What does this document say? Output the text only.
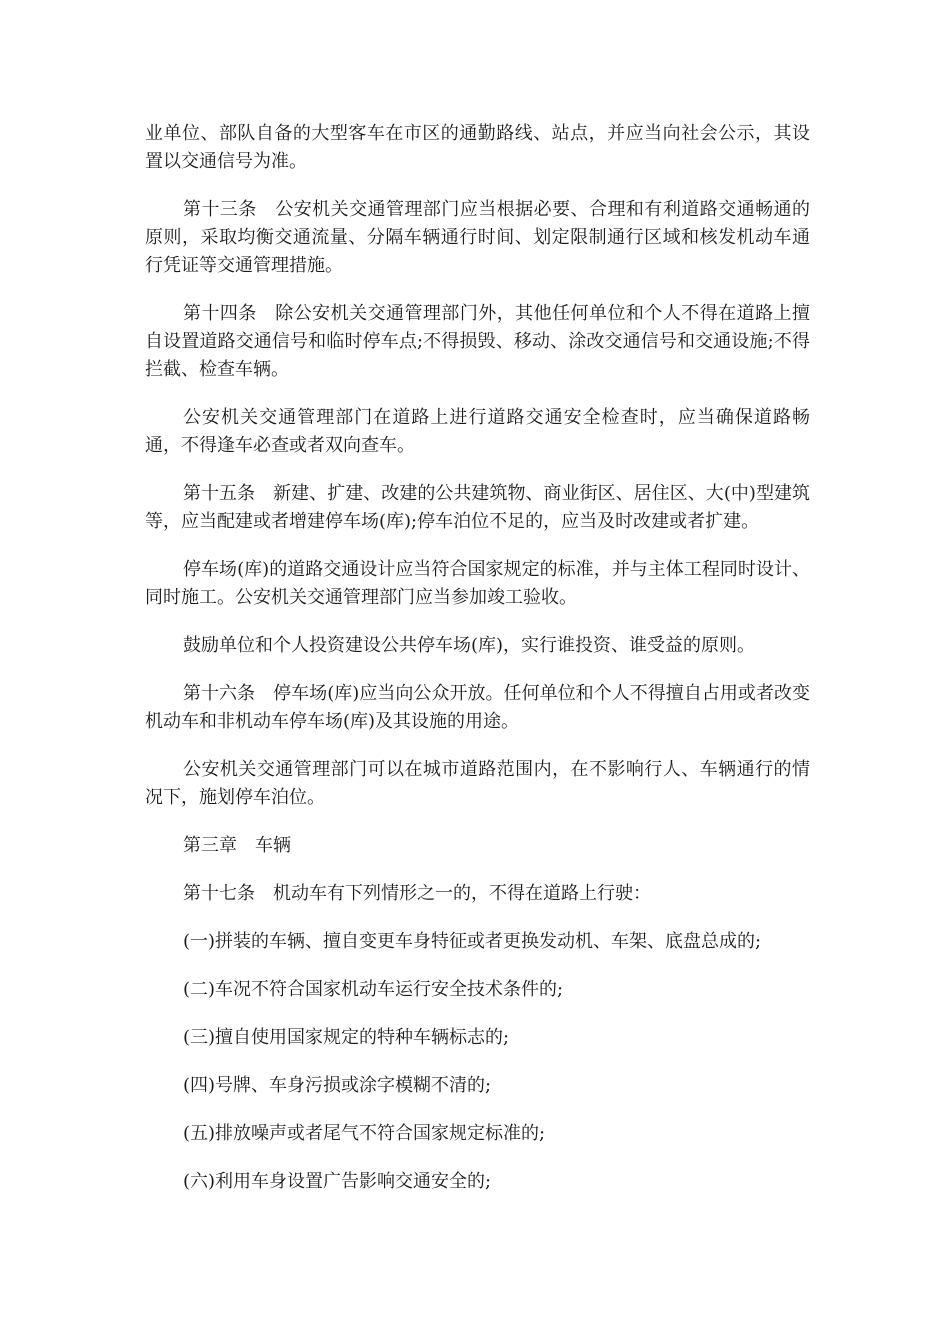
业单位、部队自备的大型客车在市区的通勤路线、站点，并应当向社会公示，其设置以交通信号为准。

第十三条　公安机关交通管理部门应当根据必要、合理和有利道路交通畅通的原则，采取均衡交通流量、分隔车辆通行时间、划定限制通行区域和核发机动车通行凭证等交通管理措施。

第十四条　除公安机关交通管理部门外，其他任何单位和个人不得在道路上擅自设置道路交通信号和临时停车点;不得损毁、移动、涂改交通信号和交通设施;不得拦截、检查车辆。

公安机关交通管理部门在道路上进行道路交通安全检查时，应当确保道路畅通，不得逢车必查或者双向查车。

第十五条　新建、扩建、改建的公共建筑物、商业街区、居住区、大(中)型建筑等，应当配建或者增建停车场(库);停车泊位不足的，应当及时改建或者扩建。

停车场(库)的道路交通设计应当符合国家规定的标准，并与主体工程同时设计、同时施工。公安机关交通管理部门应当参加竣工验收。

鼓励单位和个人投资建设公共停车场(库)，实行谁投资、谁受益的原则。

第十六条　停车场(库)应当向公众开放。任何单位和个人不得擅自占用或者改变机动车和非机动车停车场(库)及其设施的用途。

公安机关交通管理部门可以在城市道路范围内，在不影响行人、车辆通行的情况下，施划停车泊位。

第三章　车辆

第十七条　机动车有下列情形之一的，不得在道路上行驶：

(一)拼装的车辆、擅自变更车身特征或者更换发动机、车架、底盘总成的;

(二)车况不符合国家机动车运行安全技术条件的;

(三)擅自使用国家规定的特种车辆标志的;

(四)号牌、车身污损或涂字模糊不清的;

(五)排放噪声或者尾气不符合国家规定标准的;

(六)利用车身设置广告影响交通安全的;
